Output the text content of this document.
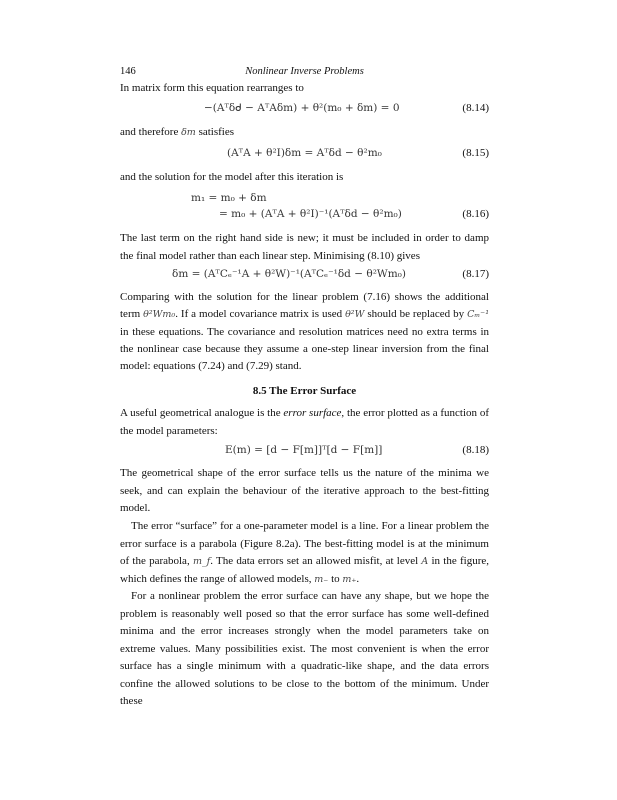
146	Nonlinear Inverse Problems
In matrix form this equation rearranges to
−(Aᵀδᑯ − AᵀAδm) + θ²(m₀ + δm) = 0	(8.14)
and therefore δm satisfies
(AᵀA + θ²I)δm = Aᵀδd − θ²m₀	(8.15)
and the solution for the model after this iteration is
m₁ = m₀ + δm
= m₀ + (AᵀA + θ²I)⁻¹(Aᵀδd − θ²m₀)	(8.16)
The last term on the right hand side is new; it must be included in order to damp the final model rather than each linear step. Minimising (8.10) gives
δm = (AᵀCₑ⁻¹A + θ²W)⁻¹(AᵀCₑ⁻¹δd − θ²Wm₀)	(8.17)
Comparing with the solution for the linear problem (7.16) shows the additional term θ²Wm₀. If a model covariance matrix is used θ²W should be replaced by Cₘ⁻¹ in these equations. The covariance and resolution matrices need no extra terms in the nonlinear case because they assume a one-step linear inversion from the final model: equations (7.24) and (7.29) stand.
8.5 The Error Surface
A useful geometrical analogue is the error surface, the error plotted as a function of the model parameters:
E(m) = [d − F[m]]ᵀ[d − F[m]]	(8.18)
The geometrical shape of the error surface tells us the nature of the minima we seek, and can explain the behaviour of the iterative approach to the best-fitting model.
The error “surface” for a one-parameter model is a line. For a linear problem the error surface is a parabola (Figure 8.2a). The best-fitting model is at the minimum of the parabola, m_f. The data errors set an allowed misfit, at level A in the figure, which defines the range of allowed models, m₋ to m₊.
For a nonlinear problem the error surface can have any shape, but we hope the problem is reasonably well posed so that the error surface has some well-defined minima and the error increases strongly when the model parameters take on extreme values. Many possibilities exist. The most convenient is when the error surface has a single minimum with a quadratic-like shape, and the data errors confine the allowed solutions to be close to the bottom of the minimum. Under these
